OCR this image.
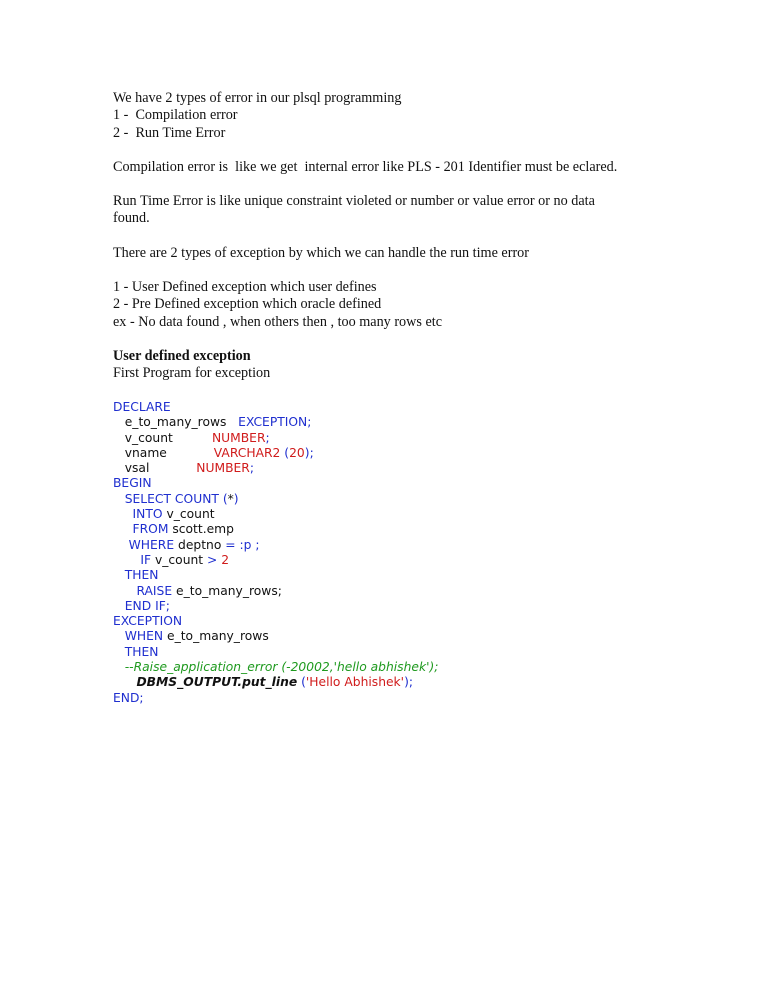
We have 2 types of error in our plsql programming

1 -  Compilation error

2 -  Run Time Error

Compilation error is  like we get  internal error like PLS - 201 Identifier must be eclared.

Run Time Error is like unique constraint violeted or number or value error or no data

found.

There are 2 types of exception by which we can handle the run time error

1 - User Defined exception which user defines

2 - Pre Defined exception which oracle defined

ex - No data found , when others then , too many rows etc

User defined exception

First Program for exception

DECLARE
e_to_many_rows   EXCEPTION;
v_count          NUMBER;
vname            VARCHAR2 (20);
vsal            NUMBER;
BEGIN
SELECT COUNT (*)
INTO v_count
FROM scott.emp
WHERE deptno = :p ;
IF v_count > 2
THEN
RAISE e_to_many_rows;
END IF;
EXCEPTION
WHEN e_to_many_rows
THEN
--Raise_application_error (-20002,'hello abhishek');
DBMS_OUTPUT.put_line ('Hello Abhishek');
END;
